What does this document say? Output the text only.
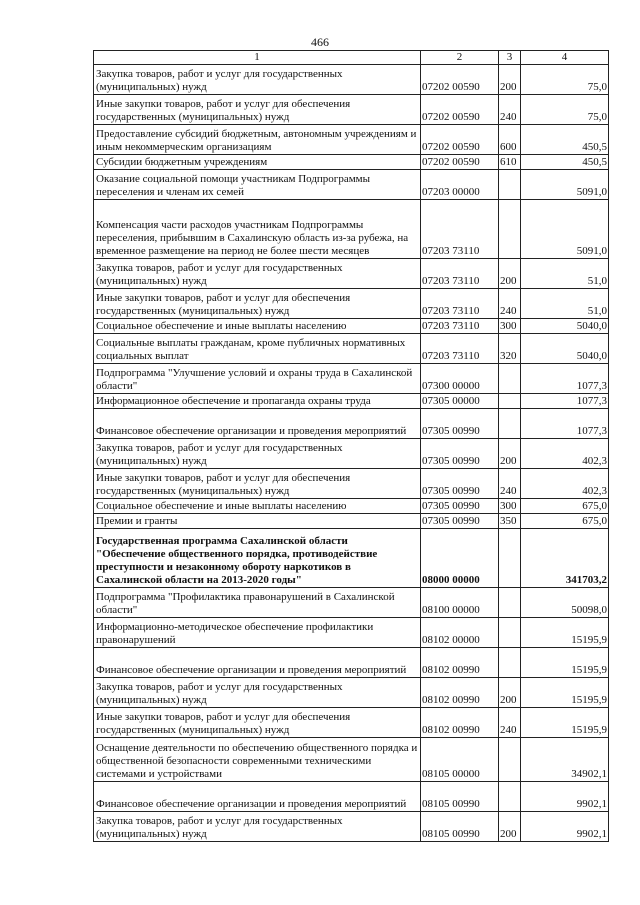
466
1	2	3	4
Закупка товаров, работ и услуг для государственных (муниципальных) нужд	07202 00590	200	75,0
Иные закупки товаров, работ и услуг для обеспечения государственных (муниципальных) нужд	07202 00590	240	75,0
Предоставление субсидий бюджетным, автономным учреждениям и иным некоммерческим организациям	07202 00590	600	450,5
Субсидии бюджетным учреждениям	07202 00590	610	450,5
Оказание социальной помощи участникам Подпрограммы переселения и членам их семей	07203 00000		5091,0
Компенсация части расходов участникам Подпрограммы переселения, прибывшим в Сахалинскую область из-за рубежа, на временное размещение на период не более шести месяцев	07203 73110		5091,0
Закупка товаров, работ и услуг для государственных (муниципальных) нужд	07203 73110	200	51,0
Иные закупки товаров, работ и услуг для обеспечения государственных (муниципальных) нужд	07203 73110	240	51,0
Социальное обеспечение и иные выплаты населению	07203 73110	300	5040,0
Социальные выплаты гражданам, кроме публичных нормативных социальных выплат	07203 73110	320	5040,0
Подпрограмма "Улучшение условий и охраны труда в Сахалинской области"	07300 00000		1077,3
Информационное обеспечение и пропаганда охраны труда	07305 00000		1077,3
Финансовое обеспечение организации и проведения мероприятий	07305 00990		1077,3
Закупка товаров, работ и услуг для государственных (муниципальных) нужд	07305 00990	200	402,3
Иные закупки товаров, работ и услуг для обеспечения государственных (муниципальных) нужд	07305 00990	240	402,3
Социальное обеспечение и иные выплаты населению	07305 00990	300	675,0
Премии и гранты	07305 00990	350	675,0
Государственная программа Сахалинской области "Обеспечение общественного порядка, противодействие преступности и незаконному обороту наркотиков в Сахалинской области на 2013-2020 годы"	08000 00000		341703,2
Подпрограмма "Профилактика правонарушений в Сахалинской области"	08100 00000		50098,0
Информационно-методическое обеспечение профилактики правонарушений	08102 00000		15195,9
Финансовое обеспечение организации и проведения мероприятий	08102 00990		15195,9
Закупка товаров, работ и услуг для государственных (муниципальных) нужд	08102 00990	200	15195,9
Иные закупки товаров, работ и услуг для обеспечения государственных (муниципальных) нужд	08102 00990	240	15195,9
Оснащение деятельности по обеспечению общественного порядка и общественной безопасности современными техническими системами и устройствами	08105 00000		34902,1
Финансовое обеспечение организации и проведения мероприятий	08105 00990		9902,1
Закупка товаров, работ и услуг для государственных (муниципальных) нужд	08105 00990	200	9902,1
